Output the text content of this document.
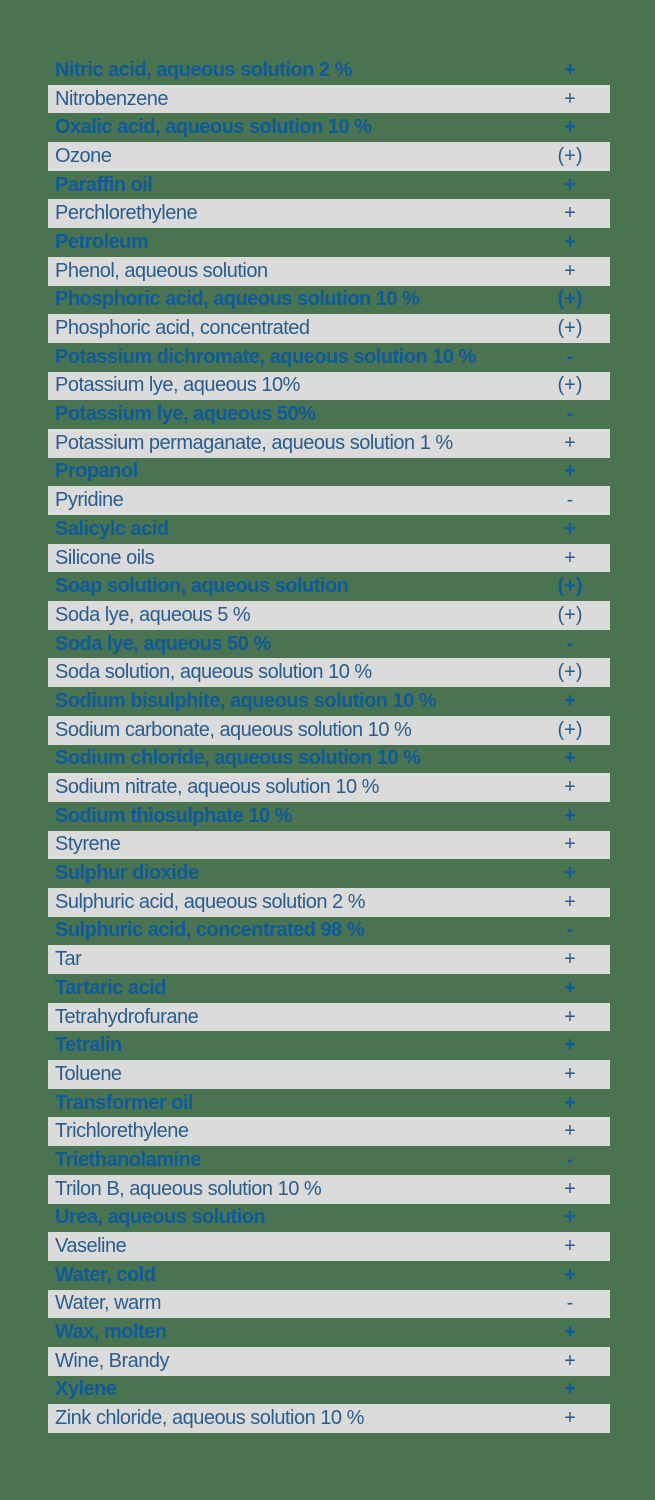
Nitric acid, aqueous solution 2 %	+
Nitrobenzene	+
Oxalic acid, aqueous solution 10 %	+
Ozone	(+)
Paraffin oil	+
Perchlorethylene	+
Petroleum	+
Phenol, aqueous solution	+
Phosphoric acid, aqueous solution 10 %	(+)
Phosphoric acid, concentrated	(+)
Potassium dichromate, aqueous solution 10 %	-
Potassium lye, aqueous 10%	(+)
Potassium lye, aqueous 50%	-
Potassium permaganate, aqueous solution 1 %	+
Propanol	+
Pyridine	-
Salicylc acid	+
Silicone oils	+
Soap solution, aqueous solution	(+)
Soda lye, aqueous 5 %	(+)
Soda lye, aqueous 50 %	-
Soda solution, aqueous solution 10 %	(+)
Sodium bisulphite, aqueous solution 10 %	+
Sodium carbonate, aqueous solution 10 %	(+)
Sodium chloride, aqueous solution 10 %	+
Sodium nitrate, aqueous solution 10 %	+
Sodium thiosulphate 10 %	+
Styrene	+
Sulphur dioxide	+
Sulphuric acid, aqueous solution 2 %	+
Sulphuric acid, concentrated 98 %	-
Tar	+
Tartaric acid	+
Tetrahydrofurane	+
Tetralin	+
Toluene	+
Transformer oil	+
Trichlorethylene	+
Triethanolamine	-
Trilon B, aqueous solution 10 %	+
Urea, aqueous solution	+
Vaseline	+
Water, cold	+
Water, warm	-
Wax, molten	+
Wine, Brandy	+
Xylene	+
Zink chloride, aqueous solution 10 %	+
